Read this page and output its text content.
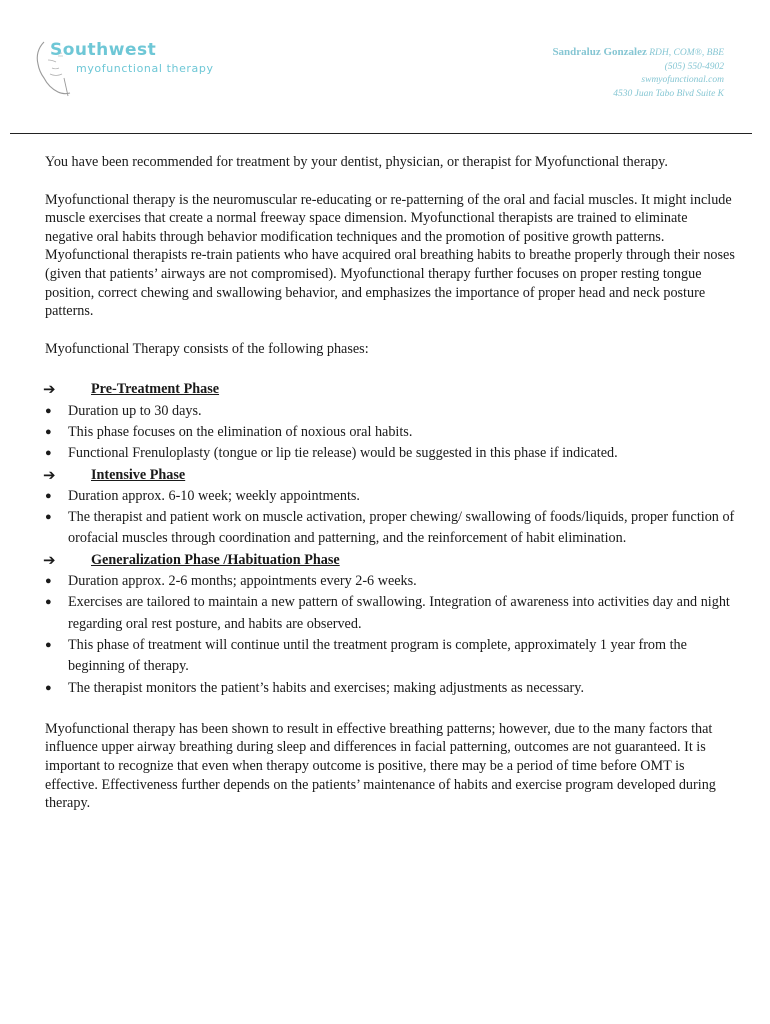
Southwest
myofunctional therapy
Sandraluz Gonzalez RDH, COM®, BBE
(505) 550-4902
swmyofunctional.com
4530 Juan Tabo Blvd Suite K

You have been recommended for treatment by your dentist, physician, or therapist for Myofunctional therapy.

Myofunctional therapy is the neuromuscular re-educating or re-patterning of the oral and facial muscles. It might include muscle exercises that create a normal freeway space dimension. Myofunctional therapists are trained to eliminate negative oral habits through behavior modification techniques and the promotion of positive growth patterns. Myofunctional therapists re-train patients who have acquired oral breathing habits to breathe properly through their noses (given that patients’ airways are not compromised). Myofunctional therapy further focuses on proper resting tongue position, correct chewing and swallowing behavior, and emphasizes the importance of proper head and neck posture patterns.

Myofunctional Therapy consists of the following phases:

➔	Pre-Treatment Phase
●	Duration up to 30 days.
●	This phase focuses on the elimination of noxious oral habits.
●	Functional Frenuloplasty (tongue or lip tie release) would be suggested in this phase if indicated.
➔	Intensive Phase
●	Duration approx. 6-10 week; weekly appointments.
●	The therapist and patient work on muscle activation, proper chewing/ swallowing of foods/liquids, proper function of orofacial muscles through coordination and patterning, and the reinforcement of habit elimination.
➔	Generalization Phase /Habituation Phase
●	Duration approx. 2-6 months; appointments every 2-6 weeks.
●	Exercises are tailored to maintain a new pattern of swallowing. Integration of awareness into activities day and night regarding oral rest posture, and habits are observed.
●	This phase of treatment will continue until the treatment program is complete, approximately 1 year from the beginning of therapy.
●	The therapist monitors the patient’s habits and exercises; making adjustments as necessary.

Myofunctional therapy has been shown to result in effective breathing patterns; however, due to the many factors that influence upper airway breathing during sleep and differences in facial patterning, outcomes are not guaranteed. It is important to recognize that even when therapy outcome is positive, there may be a period of time before OMT is effective. Effectiveness further depends on the patients’ maintenance of habits and exercise program developed during therapy.
